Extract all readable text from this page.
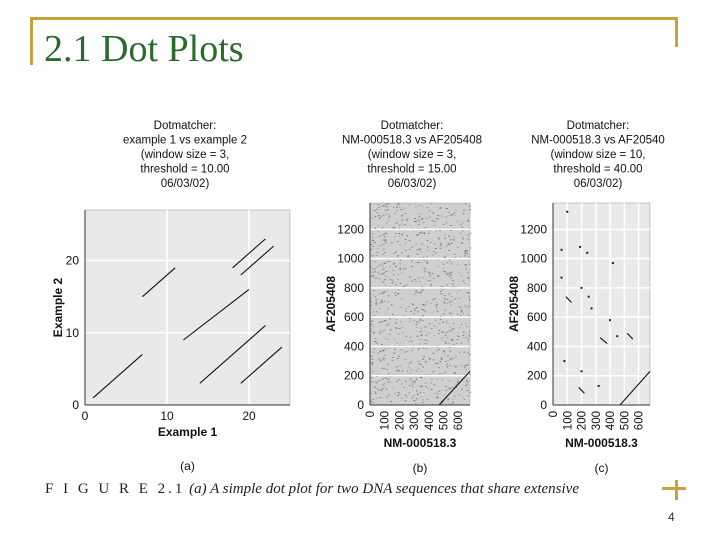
2.1 Dot Plots
Dotmatcher:
example 1 vs example 2
(window size = 3,
threshold = 10.00
06/03/02)
0
10
20
0	10	20
Example 1
Example 2
(a)
Dotmatcher:
NM-000518.3 vs AF205408
(window size = 3,
threshold = 15.00
06/03/02)
0
200
400
600
800
1000
1200
0 100 200 300 400 500 600
NM-000518.3
AF205408
(b)
Dotmatcher:
NM-000518.3 vs AF20540
(window size = 10,
threshold = 40.00
06/03/02)
0
200
400
600
800
1000
1200
0 100 200 300 400 500 600
NM-000518.3
AF205408
(c)
F I G U R E 2.1 (a) A simple dot plot for two DNA sequences that share extensive
4
